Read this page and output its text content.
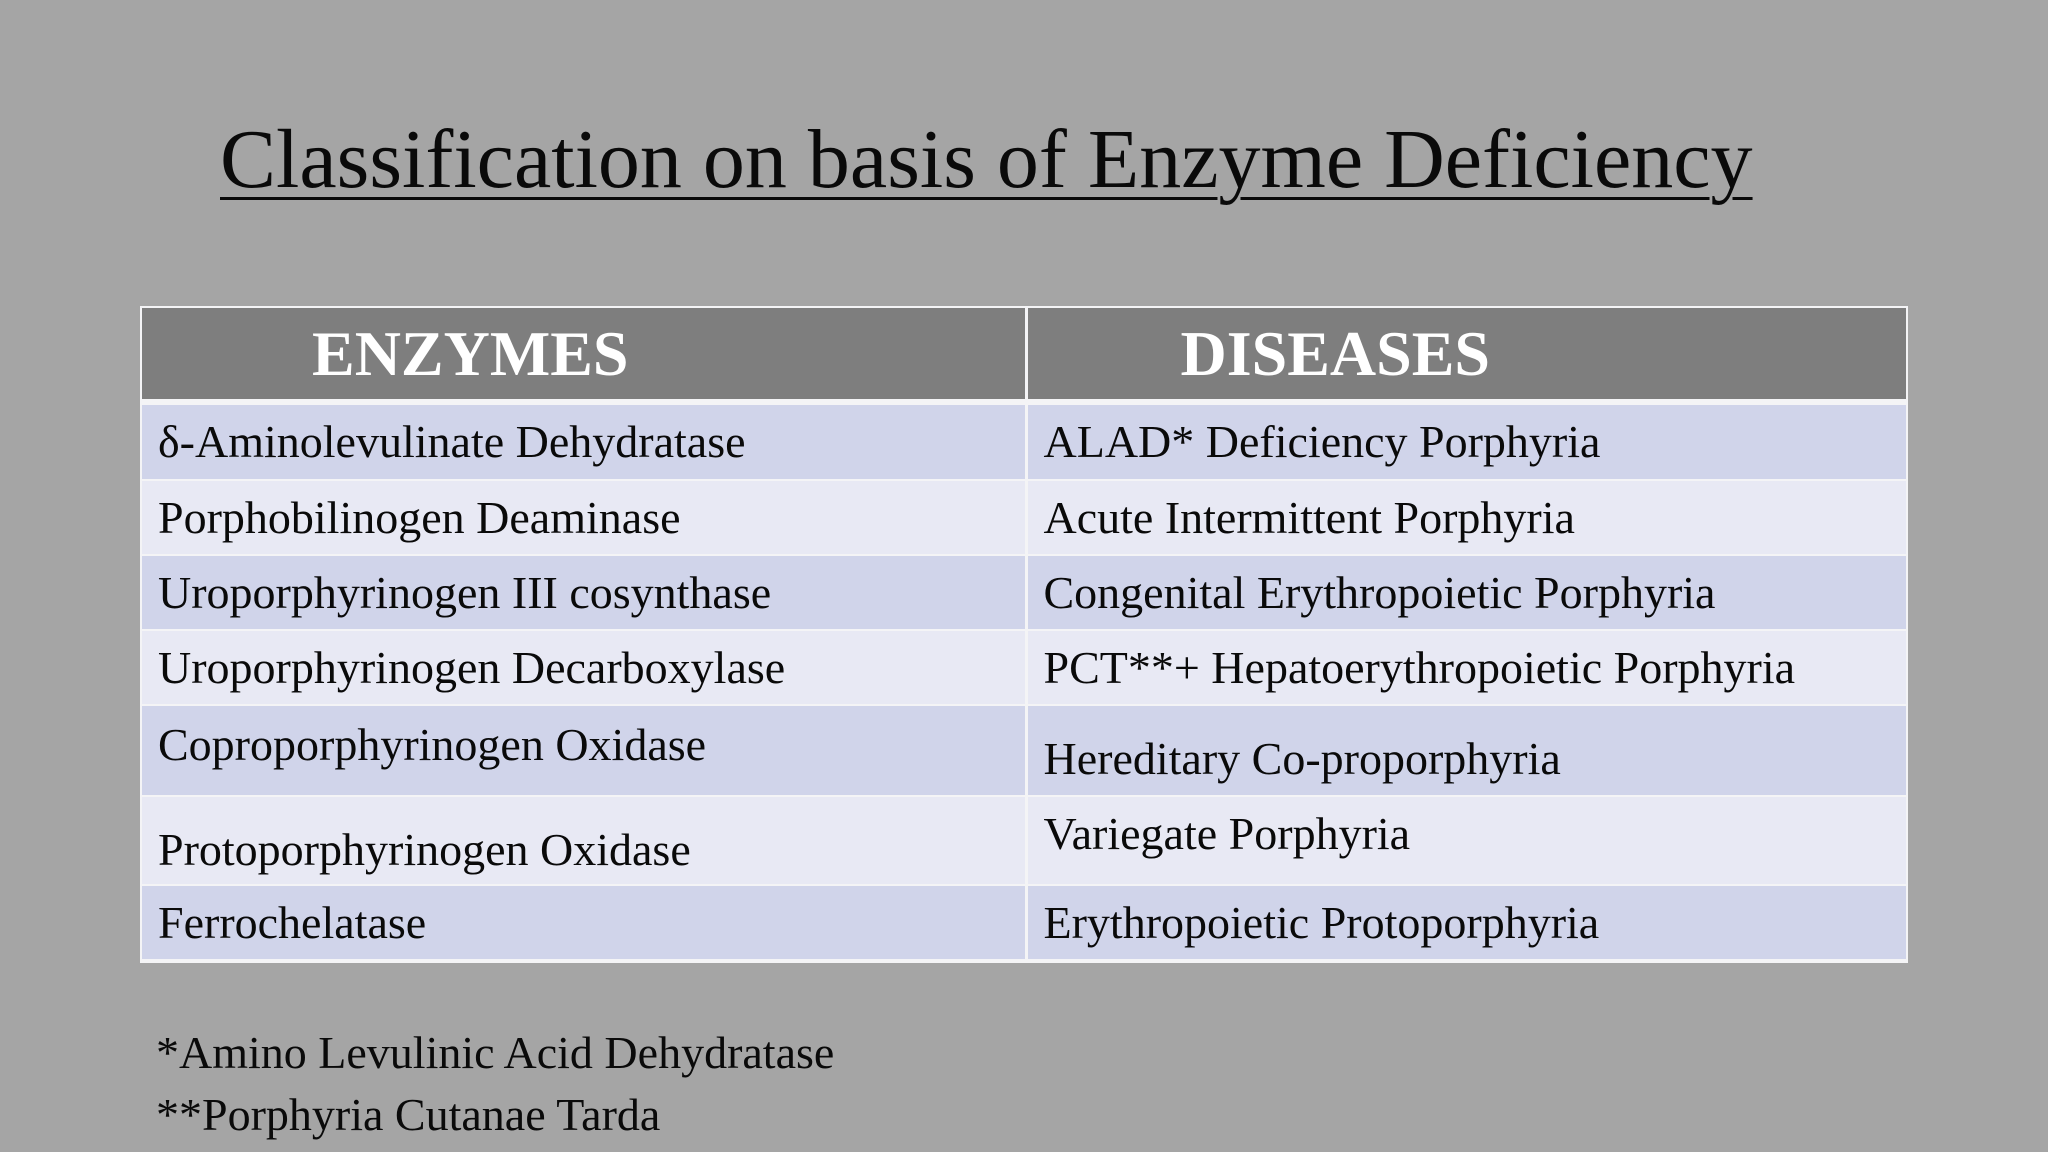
Classification on basis of Enzyme Deficiency
ENZYMES	DISEASES
δ-Aminolevulinate Dehydratase	ALAD* Deficiency Porphyria
Porphobilinogen Deaminase	Acute Intermittent Porphyria
Uroporphyrinogen III cosynthase	Congenital Erythropoietic Porphyria
Uroporphyrinogen Decarboxylase	PCT**+ Hepatoerythropoietic Porphyria
Coproporphyrinogen Oxidase	Hereditary Co-proporphyria
Protoporphyrinogen Oxidase	Variegate Porphyria
Ferrochelatase	Erythropoietic Protoporphyria
*Amino Levulinic Acid Dehydratase
**Porphyria Cutanae Tarda
